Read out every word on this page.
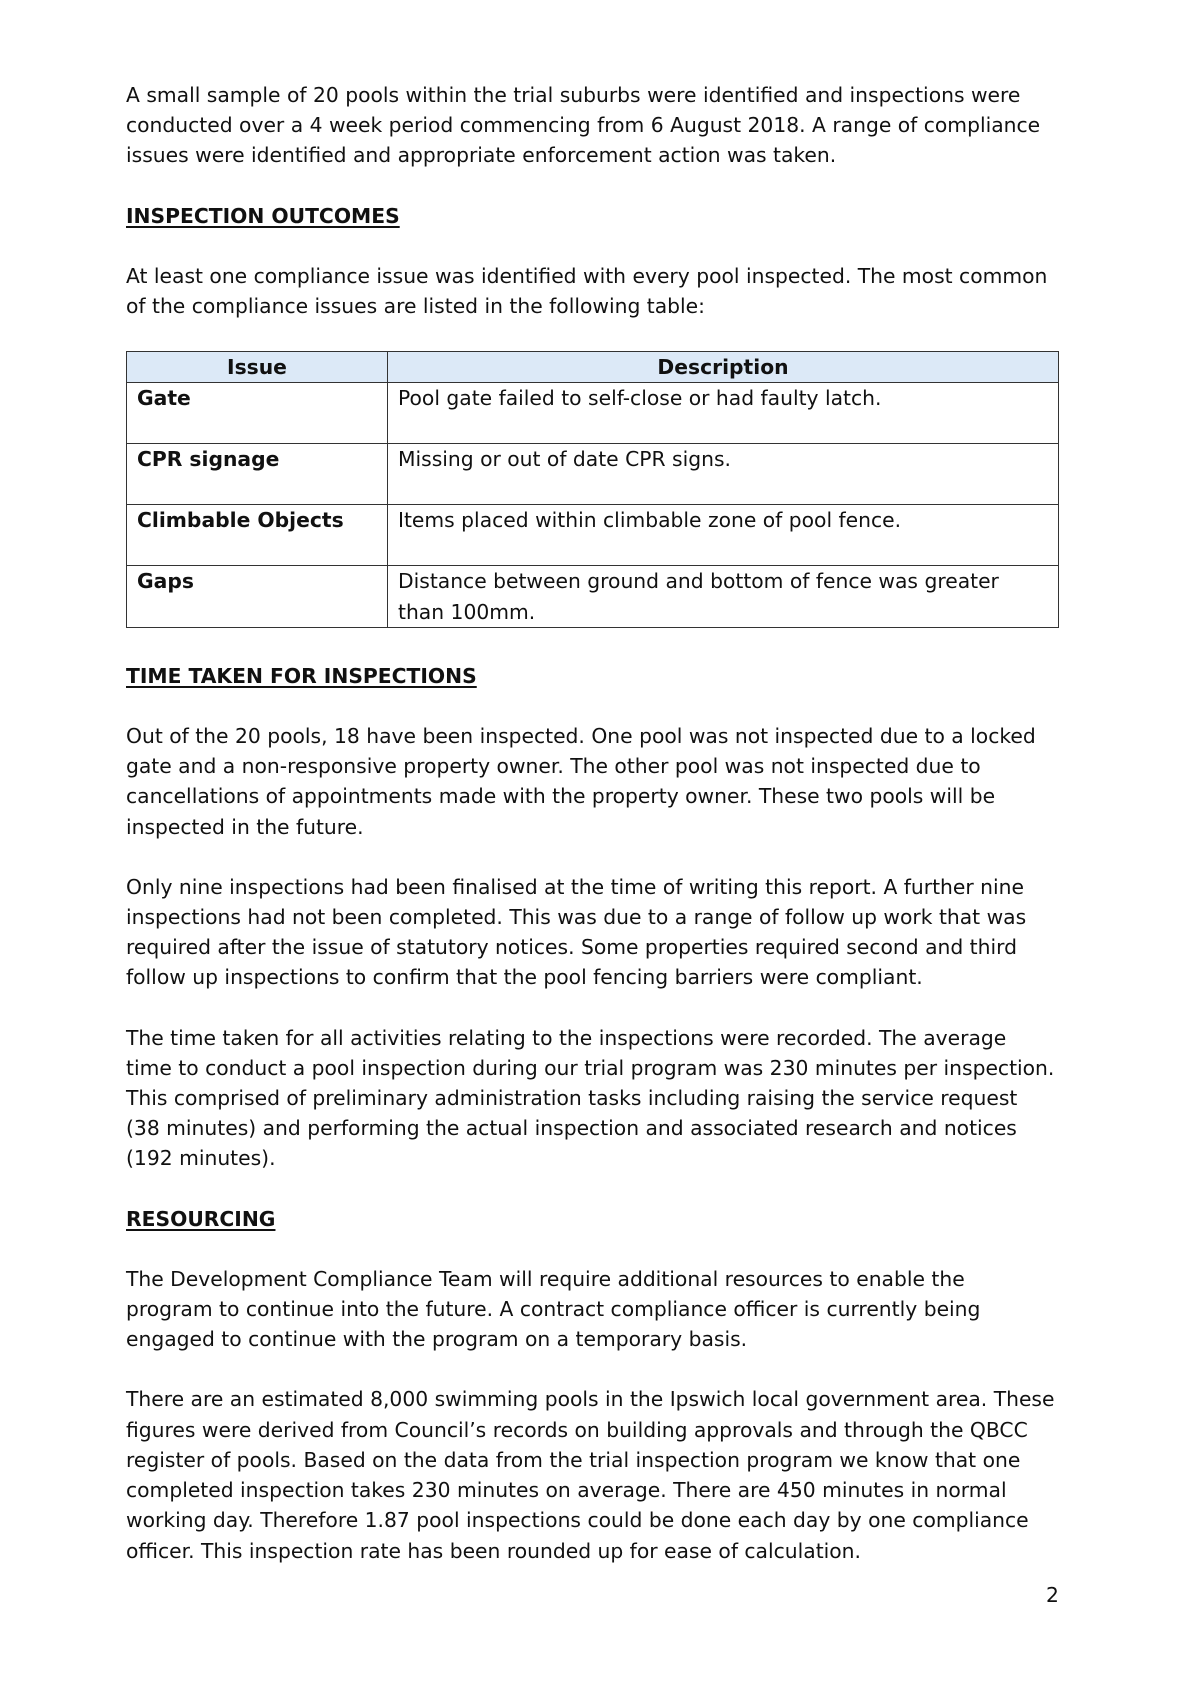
A small sample of 20 pools within the trial suburbs were identified and inspections were conducted over a 4 week period commencing from 6 August 2018. A range of compliance issues were identified and appropriate enforcement action was taken.

INSPECTION OUTCOMES

At least one compliance issue was identified with every pool inspected. The most common of the compliance issues are listed in the following table:

Issue	Description
Gate	Pool gate failed to self-close or had faulty latch.
CPR signage	Missing or out of date CPR signs.
Climbable Objects	Items placed within climbable zone of pool fence.
Gaps	Distance between ground and bottom of fence was greater than 100mm.
TIME TAKEN FOR INSPECTIONS

Out of the 20 pools, 18 have been inspected. One pool was not inspected due to a locked gate and a non-responsive property owner. The other pool was not inspected due to cancellations of appointments made with the property owner. These two pools will be inspected in the future.

Only nine inspections had been finalised at the time of writing this report. A further nine inspections had not been completed. This was due to a range of follow up work that was required after the issue of statutory notices. Some properties required second and third follow up inspections to confirm that the pool fencing barriers were compliant.

The time taken for all activities relating to the inspections were recorded. The average time to conduct a pool inspection during our trial program was 230 minutes per inspection. This comprised of preliminary administration tasks including raising the service request (38 minutes) and performing the actual inspection and associated research and notices (192 minutes).

RESOURCING

The Development Compliance Team will require additional resources to enable the program to continue into the future. A contract compliance officer is currently being engaged to continue with the program on a temporary basis.

There are an estimated 8,000 swimming pools in the Ipswich local government area. These figures were derived from Council’s records on building approvals and through the QBCC register of pools. Based on the data from the trial inspection program we know that one completed inspection takes 230 minutes on average. There are 450 minutes in normal working day. Therefore 1.87 pool inspections could be done each day by one compliance officer. This inspection rate has been rounded up for ease of calculation.

2
